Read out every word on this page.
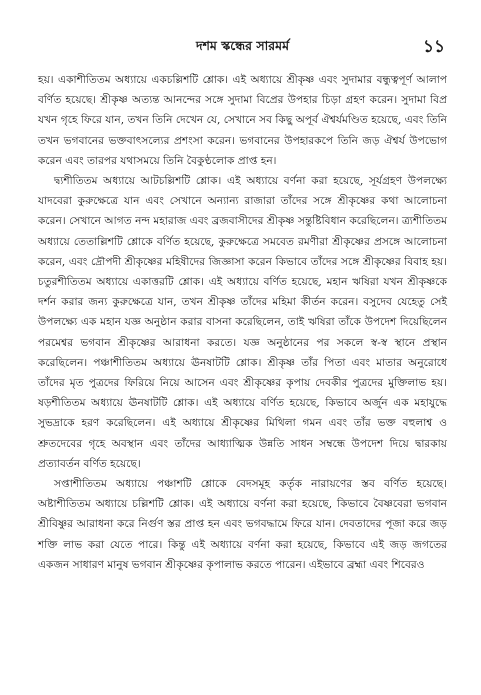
দশম স্কন্ধের সারমর্ম	১১

হয়। একাশীতিতম অধ্যায়ে একচল্লিশটি শ্লোক। এই অধ্যায়ে শ্রীকৃষ্ণ এবং সুদামার বন্ধুত্বপূর্ণ আলাপ বর্ণিত হয়েছে। শ্রীকৃষ্ণ অত্যন্ত আনন্দের সঙ্গে সুদামা বিপ্রের উপহার চিড়া গ্রহণ করেন। সুদামা বিপ্র যখন গৃহে ফিরে যান, তখন তিনি দেখেন যে, সেখানে সব কিছু অপূর্ব ঐশ্বর্যমণ্ডিত হয়েছে, এবং তিনি তখন ভগবানের ভক্তবাৎসল্যের প্রশংসা করেন। ভগবানের উপহারকপে তিনি জড় ঐশ্বর্য উপভোগ করেন এবং তারপর যথাসময়ে তিনি বৈকুণ্ঠলোক প্রাপ্ত হন।

দ্ব্যশীতিতম অধ্যায়ে আটচল্লিশটি শ্লোক। এই অধ্যায়ে বর্ণনা করা হয়েছে, সূর্যগ্রহণ উপলক্ষ্যে যাদবেরা কুরুক্ষেত্রে যান এবং সেখানে অন্যান্য রাজারা তাঁদের সঙ্গে শ্রীকৃষ্ণের কথা আলোচনা করেন। সেখানে আগত নন্দ মহারাজ এবং ব্রজবাসীদের শ্রীকৃষ্ণ সন্তুষ্টিবিধান করেছিলেন। ত্র্যশীতিতম অধ্যায়ে তেতাল্লিশটি শ্লোকে বর্ণিত হয়েছে, কুরুক্ষেত্রে সমবেত রমণীরা শ্রীকৃষ্ণের প্রসঙ্গে আলোচনা করেন, এবং দ্রৌপদী শ্রীকৃষ্ণের মহিষীদের জিজ্ঞাসা করেন কিভাবে তাঁদের সঙ্গে শ্রীকৃষ্ণের বিবাহ হয়। চতুরশীতিতম অধ্যায়ে একাত্তরটি শ্লোক। এই অধ্যায়ে বর্ণিত হয়েছে, মহান ঋষিরা যখন শ্রীকৃষ্ণকে দর্শন করার জন্য কুরুক্ষেত্রে যান, তখন শ্রীকৃষ্ণ তাঁদের মহিমা কীর্তন করেন। বসুদেব যেহেতু সেই উপলক্ষ্যে এক মহান যজ্ঞ অনুষ্ঠান করার বাসনা করেছিলেন, তাই ঋষিরা তাঁকে উপদেশ দিয়েছিলেন পরমেশ্বর ভগবান শ্রীকৃষ্ণের আরাধনা করতে। যজ্ঞ অনুষ্ঠানের পর সকলে স্ব-স্ব স্থানে প্রস্থান করেছিলেন। পঞ্চাশীতিতম অধ্যায়ে ঊনষাটটি শ্লোক। শ্রীকৃষ্ণ তাঁর পিতা এবং মাতার অনুরোধে তাঁদের মৃত পুত্রদের ফিরিয়ে নিয়ে আসেন এবং শ্রীকৃষ্ণের কৃপায় দেবকীর পুত্রদের মুক্তিলাভ হয়। ষড়শীতিতম অধ্যায়ে ঊনষাটটি শ্লোক। এই অধ্যায়ে বর্ণিত হয়েছে, কিভাবে অর্জুন এক মহাযুদ্ধে সুভদ্রাকে হরণ করেছিলেন। এই অধ্যায়ে শ্রীকৃষ্ণের মিথিলা গমন এবং তাঁর ভক্ত বহুলাশ্ব ও শ্রুতদেবের গৃহে অবস্থান এবং তাঁদের আধ্যাত্মিক উন্নতি সাধন সম্বন্ধে উপদেশ দিয়ে দ্বারকায় প্রত্যাবর্তন বর্ণিত হয়েছে।

সপ্তাশীতিতম অধ্যায়ে পঞ্চাশটি শ্লোকে বেদসমূহ কর্তৃক নারায়ণের স্তব বর্ণিত হয়েছে। অষ্টাশীতিতম অধ্যায়ে চল্লিশটি শ্লোক। এই অধ্যায়ে বর্ণনা করা হয়েছে, কিভাবে বৈষ্ণবেরা ভগবান শ্রীবিষ্ণুর আরাধনা করে নির্গুণ স্তর প্রাপ্ত হন এবং ভগবদ্ধামে ফিরে যান। দেবতাদের পূজা করে জড় শক্তি লাভ করা যেতে পারে। কিন্তু এই অধ্যায়ে বর্ণনা করা হয়েছে, কিভাবে এই জড় জগতের একজন সাধারণ মানুষ ভগবান শ্রীকৃষ্ণের কৃপালাভ করতে পারেন। এইভাবে ব্রহ্মা এবং শিবেরও
